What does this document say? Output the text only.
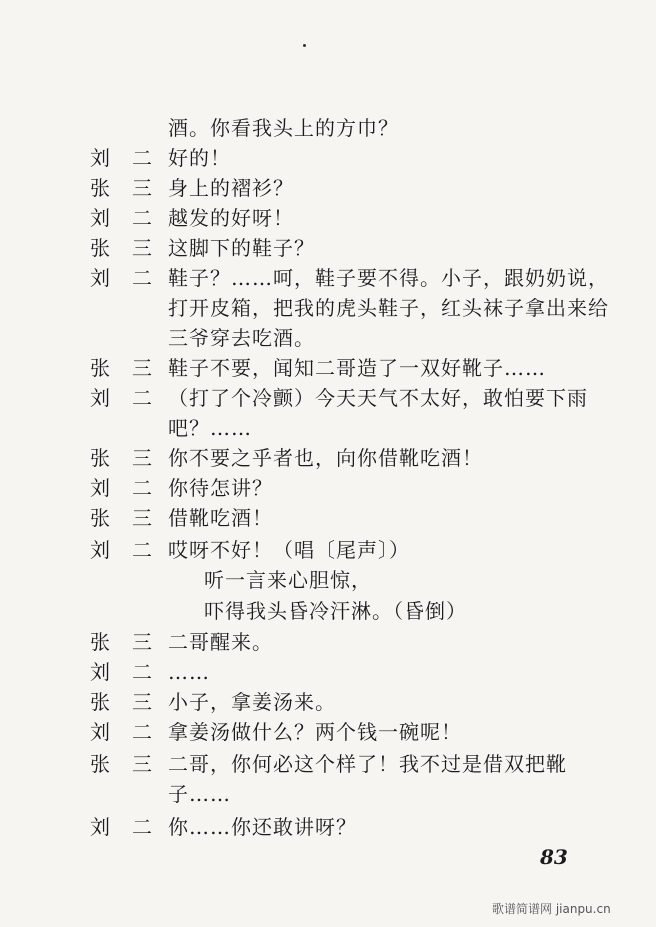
酒。你看我头上的方巾？
刘二
好的！
张三
身上的褶衫？
刘二
越发的好呀！
张三
这脚下的鞋子？
刘二
鞋子？……呵，鞋子要不得。小子，跟奶奶说，
打开皮箱，把我的虎头鞋子，红头袜子拿出来给
三爷穿去吃酒。
张三
鞋子不要，闻知二哥造了一双好靴子……
刘二
（打了个冷颤）今天天气不太好，敢怕要下雨
吧？……
张三
你不要之乎者也，向你借靴吃酒！
刘二
你待怎讲？
张三
借靴吃酒！
刘二
哎呀不好！（唱〔尾声〕）
听一言来心胆惊，
吓得我头昏冷汗淋。（昏倒）
张三
二哥醒来。
刘二
……
张三
小子，拿姜汤来。
刘二
拿姜汤做什么？两个钱一碗呢！
张三
二哥，你何必这个样了！我不过是借双把靴
子……
刘二
你……你还敢讲呀？
83
歌谱简谱网 jianpu.cn
